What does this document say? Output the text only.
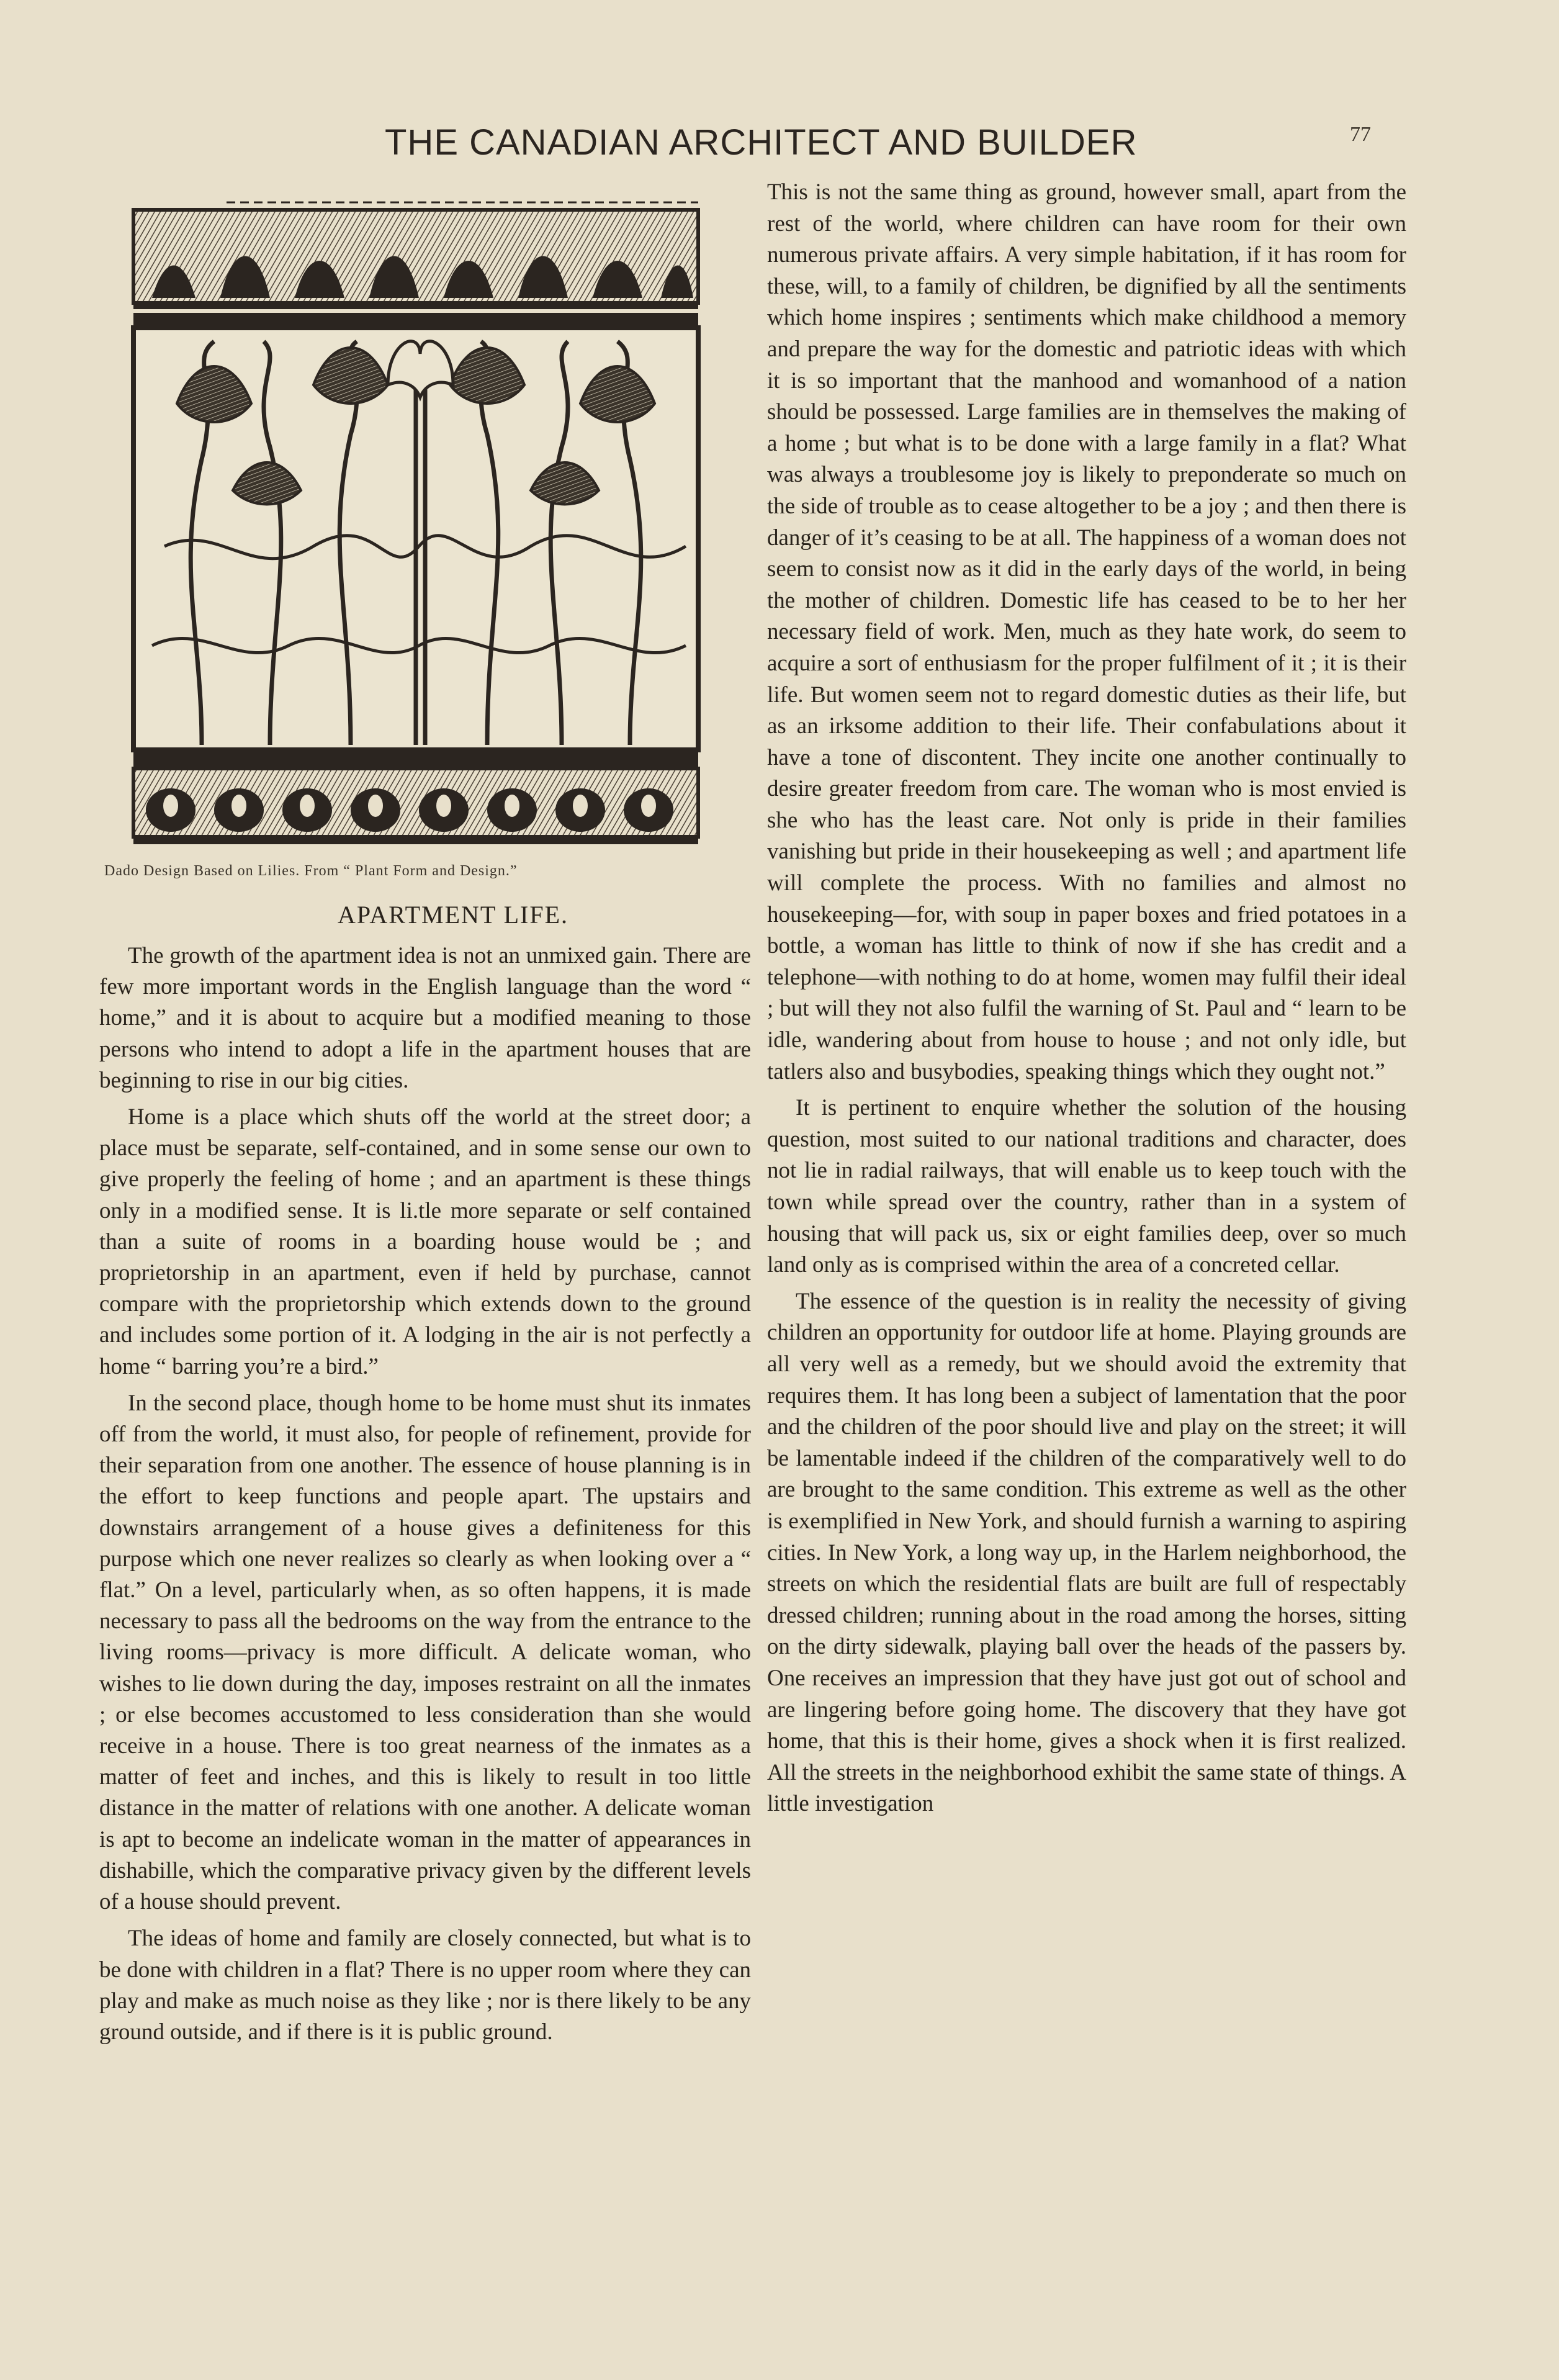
THE CANADIAN ARCHITECT AND BUILDER	77
Dado Design Based on Lilies. From “ Plant Form and Design.”
APARTMENT LIFE.

The growth of the apartment idea is not an unmixed gain. There are few more important words in the English language than the word “ home,” and it is about to acquire but a modified meaning to those persons who intend to adopt a life in the apartment houses that are beginning to rise in our big cities.

Home is a place which shuts off the world at the street door; a place must be separate, self-contained, and in some sense our own to give properly the feeling of home ; and an apartment is these things only in a modified sense. It is li.tle more separate or self contained than a suite of rooms in a boarding house would be ; and proprietorship in an apartment, even if held by purchase, cannot compare with the proprietorship which extends down to the ground and includes some portion of it. A lodging in the air is not perfectly a home “ barring you’re a bird.”

In the second place, though home to be home must shut its inmates off from the world, it must also, for people of refinement, provide for their separation from one another. The essence of house planning is in the effort to keep functions and people apart. The upstairs and downstairs arrangement of a house gives a definiteness for this purpose which one never realizes so clearly as when looking over a “ flat.” On a level, particularly when, as so often happens, it is made necessary to pass all the bedrooms on the way from the entrance to the living rooms—privacy is more difficult. A delicate woman, who wishes to lie down during the day, imposes restraint on all the inmates ; or else becomes accustomed to less consideration than she would receive in a house. There is too great nearness of the inmates as a matter of feet and inches, and this is likely to result in too little distance in the matter of relations with one another. A delicate woman is apt to become an indelicate woman in the matter of appearances in dishabille, which the comparative privacy given by the different levels of a house should prevent.

The ideas of home and family are closely connected, but what is to be done with children in a flat? There is no upper room where they can play and make as much noise as they like ; nor is there likely to be any ground outside, and if there is it is public ground.

This is not the same thing as ground, however small, apart from the rest of the world, where children can have room for their own numerous private affairs. A very simple habitation, if it has room for these, will, to a family of children, be dignified by all the sentiments which home inspires ; sentiments which make childhood a memory and prepare the way for the domestic and patriotic ideas with which it is so important that the manhood and womanhood of a nation should be possessed. Large families are in themselves the making of a home ; but what is to be done with a large family in a flat? What was always a troublesome joy is likely to preponderate so much on the side of trouble as to cease altogether to be a joy ; and then there is danger of it’s ceasing to be at all. The happiness of a woman does not seem to consist now as it did in the early days of the world, in being the mother of children. Domestic life has ceased to be to her her necessary field of work. Men, much as they hate work, do seem to acquire a sort of enthusiasm for the proper fulfilment of it ; it is their life. But women seem not to regard domestic duties as their life, but as an irksome addition to their life. Their confabulations about it have a tone of discontent. They incite one another continually to desire greater freedom from care. The woman who is most envied is she who has the least care. Not only is pride in their families vanishing but pride in their housekeeping as well ; and apartment life will complete the process. With no families and almost no housekeeping—for, with soup in paper boxes and fried potatoes in a bottle, a woman has little to think of now if she has credit and a telephone—with nothing to do at home, women may fulfil their ideal ; but will they not also fulfil the warning of St. Paul and “ learn to be idle, wandering about from house to house ; and not only idle, but tatlers also and busybodies, speaking things which they ought not.”

It is pertinent to enquire whether the solution of the housing question, most suited to our national traditions and character, does not lie in radial railways, that will enable us to keep touch with the town while spread over the country, rather than in a system of housing that will pack us, six or eight families deep, over so much land only as is comprised within the area of a concreted cellar.

The essence of the question is in reality the necessity of giving children an opportunity for outdoor life at home. Playing grounds are all very well as a remedy, but we should avoid the extremity that requires them. It has long been a subject of lamentation that the poor and the children of the poor should live and play on the street; it will be lamentable indeed if the children of the comparatively well to do are brought to the same condition. This extreme as well as the other is exemplified in New York, and should furnish a warning to aspiring cities. In New York, a long way up, in the Harlem neighborhood, the streets on which the residential flats are built are full of respectably dressed children; running about in the road among the horses, sitting on the dirty sidewalk, playing ball over the heads of the passers by. One receives an impression that they have just got out of school and are lingering before going home. The discovery that they have got home, that this is their home, gives a shock when it is first realized. All the streets in the neighborhood exhibit the same state of things. A little investigation
